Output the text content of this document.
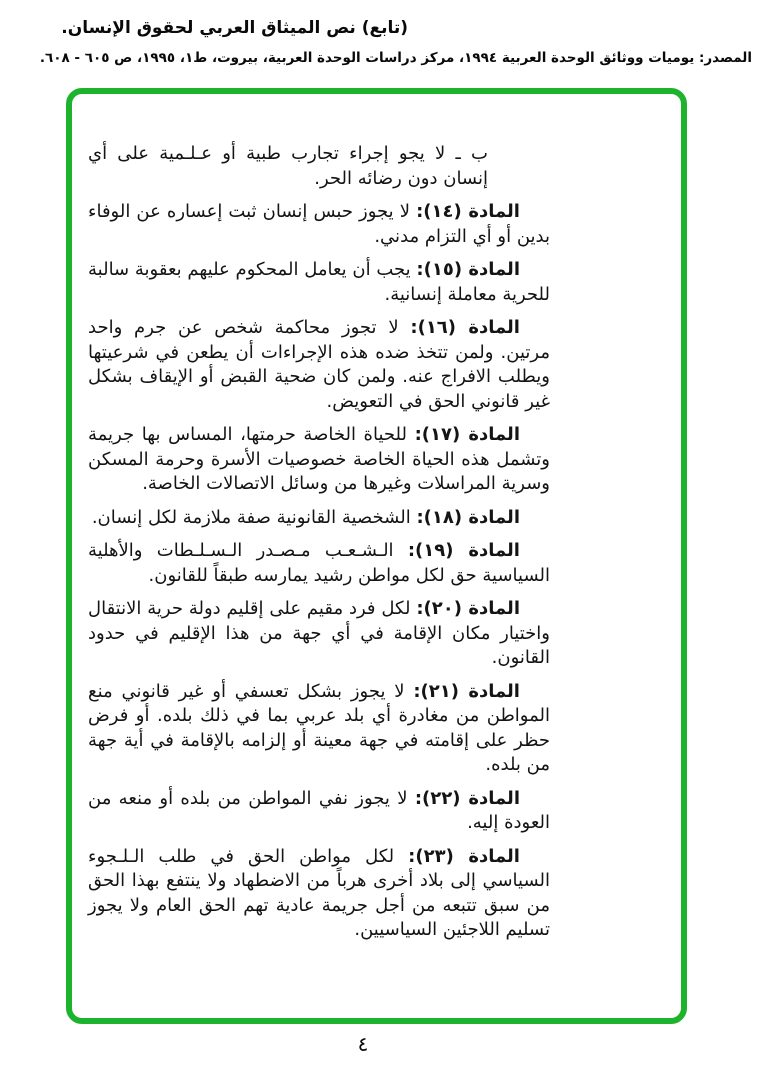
(تابع) نص الميثاق العربي لحقوق الإنسان.
المصدر: يوميات ووثائق الوحدة العربية ١٩٩٤، مركز دراسات الوحدة العربية، بيروت، ط١، ١٩٩٥، ص ٦٠٥ - ٦٠٨.

ب ـ لا يجو إجراء تجارب طبية أو عـلـمية على أي إنسان دون رضائه الحر.

المادة (١٤): لا يجوز حبس إنسان ثبت إعساره عن الوفاء بدين أو أي التزام مدني.

المادة (١٥): يجب أن يعامل المحكوم عليهم بعقوبة سالبة للحرية معاملة إنسانية.

المادة (١٦): لا تجوز محاكمة شخص عن جرم واحد مرتين. ولمن تتخذ ضده هذه الإجراءات أن يطعن في شرعيتها ويطلب الافراج عنه. ولمن كان ضحية القبض أو الإيقاف بشكل غير قانوني الحق في التعويض.

المادة (١٧): للحياة الخاصة حرمتها، المساس بها جريمة وتشمل هذه الحياة الخاصة خصوصيات الأسرة وحرمة المسكن وسرية المراسلات وغيرها من وسائل الاتصالات الخاصة.

المادة (١٨): الشخصية القانونية صفة ملازمة لكل إنسان.

المادة (١٩): الـشـعـب مـصـدر الـسـلـطات والأهلية السياسية حق لكل مواطن رشيد يمارسه طبقاً للقانون.

المادة (٢٠): لكل فرد مقيم على إقليم دولة حرية الانتقال واختيار مكان الإقامة في أي جهة من هذا الإقليم في حدود القانون.

المادة (٢١): لا يجوز بشكل تعسفي أو غير قانوني منع المواطن من مغادرة أي بلد عربي بما في ذلك بلده. أو فرض حظر على إقامته في جهة معينة أو إلزامه بالإقامة في أية جهة من بلده.

المادة (٢٢): لا يجوز نفي المواطن من بلده أو منعه من العودة إليه.

المادة (٢٣): لكل مواطن الحق في طلب الـلـجوء السياسي إلى بلاد أخرى هرباً من الاضطهاد ولا ينتفع بهذا الحق من سبق تتبعه من أجل جريمة عادية تهم الحق العام ولا يجوز تسليم اللاجئين السياسيين.

٤
